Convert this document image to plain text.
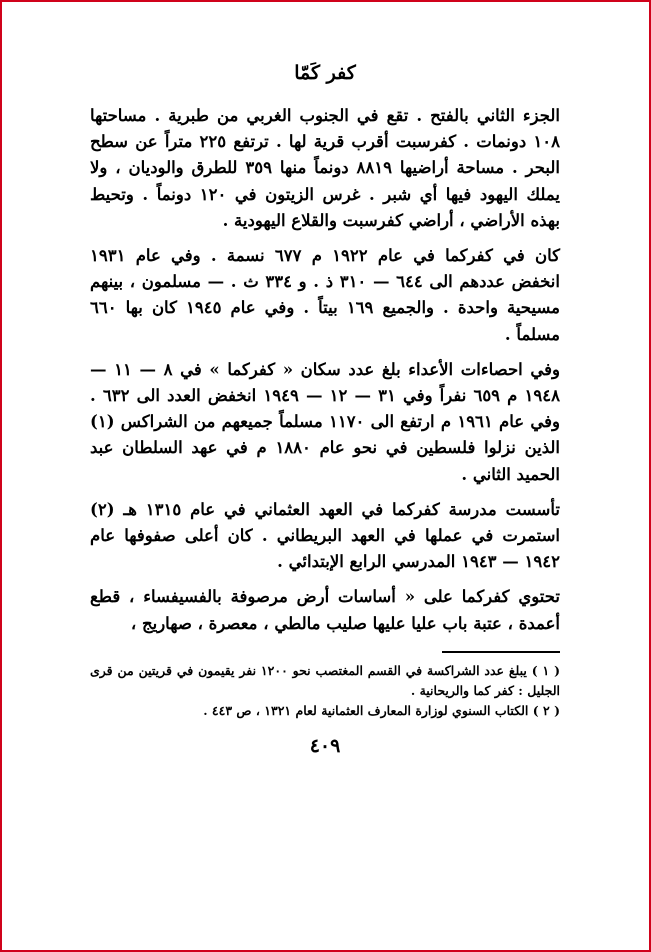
كفر كَمّا

الجزء الثاني بالفتح . تقع في الجنوب الغربي من طبرية . مساحتها ١٠٨ دونمات . كفرسبت أقرب قرية لها . ترتفع ٢٢٥ متراً عن سطح البحر . مساحة أراضيها ٨٨١٩ دونماً منها ٣٥٩ للطرق والوديان ، ولا يملك اليهود فيها أي شبر . غرس الزيتون في ١٢٠ دونماً . وتحيط بهذه الأراضي ، أراضي كفرسبت والقلاع اليهودية .

كان في كفركما في عام ١٩٢٢ م ٦٧٧ نسمة . وفي عام ١٩٣١ انخفض عددهم الى ٦٤٤ — ٣١٠ ذ . و ٣٣٤ ث . — مسلمون ، بينهم مسيحية واحدة . والجميع ١٦٩ بيتاً . وفي عام ١٩٤٥ كان بها ٦٦٠ مسلماً .

وفي احصاءات الأعداء بلغ عدد سكان « كفركما » في ٨ — ١١ — ١٩٤٨ م ٦٥٩ نفراً وفي ٣١ — ١٢ — ١٩٤٩ انخفض العدد الى ٦٣٢ . وفي عام ١٩٦١ م ارتفع الى ١١٧٠ مسلماً جميعهم من الشراكس (١) الذين نزلوا فلسطين في نحو عام ١٨٨٠ م في عهد السلطان عبد الحميد الثاني .

تأسست مدرسة كفركما في العهد العثماني في عام ١٣١٥ هـ (٢) استمرت في عملها في العهد البريطاني . كان أعلى صفوفها عام ١٩٤٢ — ١٩٤٣ المدرسي الرابع الإبتدائي .

تحتوي كفركما على « أساسات أرض مرصوفة بالفسيفساء ، قطع أعمدة ، عتبة باب عليا عليها صليب مالطي ، معصرة ، صهاريج ،

( ١ ) يبلغ عدد الشراكسة في القسم المغتصب نحو ١٢٠٠ نفر يقيمون في قريتين من قرى الجليل : كفر كما والريحانية .

( ٢ ) الكتاب السنوي لوزارة المعارف العثمانية لعام ١٣٢١ ، ص ٤٤٣ .

٤٠٩
